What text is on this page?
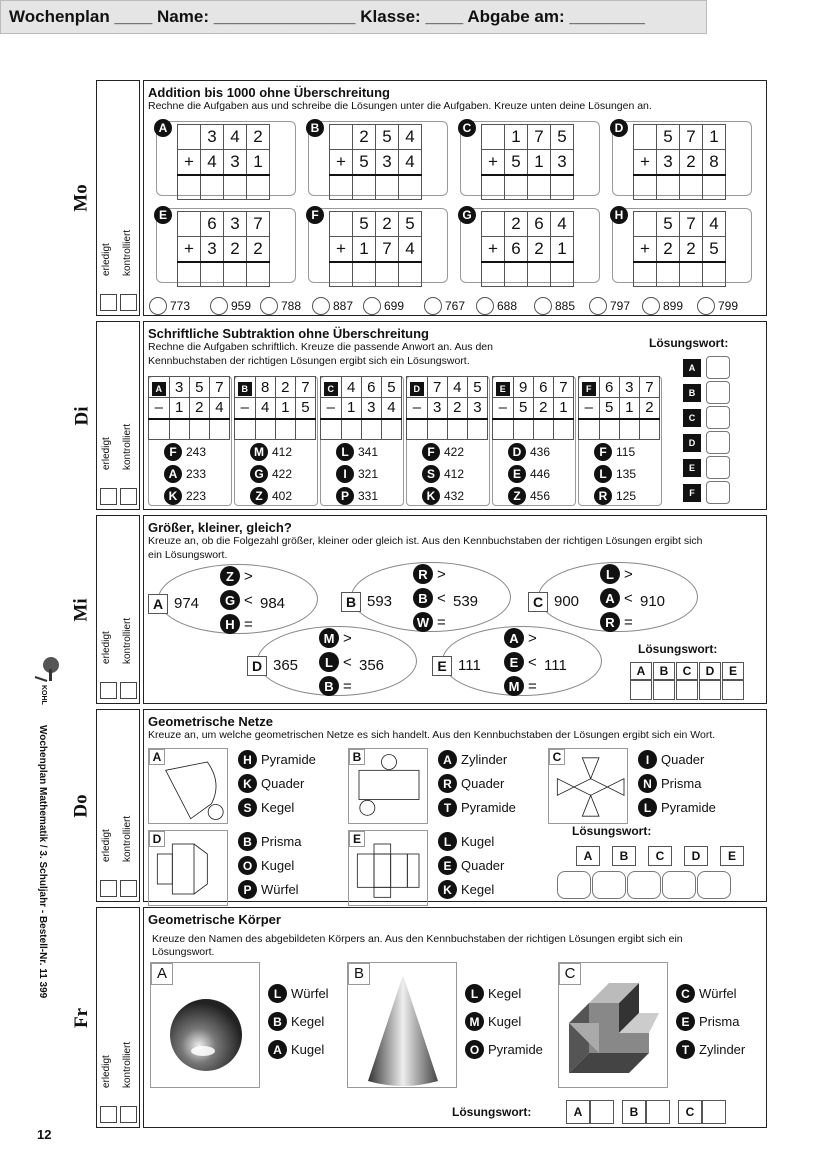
Wochenplan ____ Name: _______________ Klasse: ____ Abgabe am: ________
Mo
erledigt kontrolliert
Di
erledigt kontrolliert
Mi
erledigt kontrolliert
Do
erledigt kontrolliert
Fr
erledigt kontrolliert
Addition bis 1000 ohne Überschreitung
Rechne die Aufgaben aus und schreibe die Lösungen unter die Aufgaben. Kreuze unten deine Lösungen an.
A
	3	4	2
+	4	3	1

B
	2	5	4
+	5	3	4

C
	1	7	5
+	5	1	3

D
	5	7	1
+	3	2	8

E
	6	3	7
+	3	2	2

F
		5	2	5
+	1	7	4

G
	2	6	4
+	6	2	1

H
	5	7	4
+	2	2	5

773	959 788	887	699	767	688	885	797	899	799
Schriftliche Subtraktion ohne Überschreitung
Rechne die Aufgaben schriftlich. Kreuze die passende Anwort an. Aus den
Kennbuchstaben der richtigen Lösungen ergibt sich ein Lösungswort.
Lösungswort:
A	3	5	7
–	1	2	4

F 243
A 233
K 223
B	8	2	7
–	4	1	5

M 412
G 422
Z 402
C	4	6	5
–	1	3	4

L 341
I 321
P 331
D	7	4	5
–	3	2	3

F 422
S 412
K 432
E	9	6	7
–	5	2	1

D 436
E 446
Z 456
F	6	3	7
–	5	1	2

F 115
L 135
R 125
A
B
C
D
E
F
Größer, kleiner, gleich?
Kreuze an, ob die Folgezahl größer, kleiner oder gleich ist. Aus den Kennbuchstaben der richtigen Lösungen ergibt sich
ein Lösungswort.
A 974
Z >
G <
H =
984	B 593
R >
B <
W =
539	C 900
L >
A <
R =
910
D 365
M >
L <
B =
356	E 111
A >
E <
M =
111
Lösungswort:
A	B	C	D	E
Geometrische Netze
Kreuze an, um welche geometrischen Netze es sich handelt. Aus den Kennbuchstaben der Lösungen ergibt sich ein Wort.
A	H Pyramide
K Quader
S Kegel
B	A Zylinder
R Quader
T Pyramide
C	I Quader
N Prisma
L Pyramide
D	B Prisma
O Kugel
P Würfel
E	L Kugel
E Quader
K Kegel
Lösungswort:
A	B	C	D	E
Geometrische Körper
Kreuze den Namen des abgebildeten Körpers an. Aus den Kennbuchstaben der richtigen Lösungen ergibt sich ein
Lösungswort.
A
L Würfel
B Kegel
A Kugel
B
L Kegel
M Kugel
O Pyramide
C
C Würfel
E Prisma
T Zylinder
Lösungswort:	A	B	C
KOHL
Wochenplan Mathematik / 3. Schuljahr - Bestell-Nr. 11 399
12
